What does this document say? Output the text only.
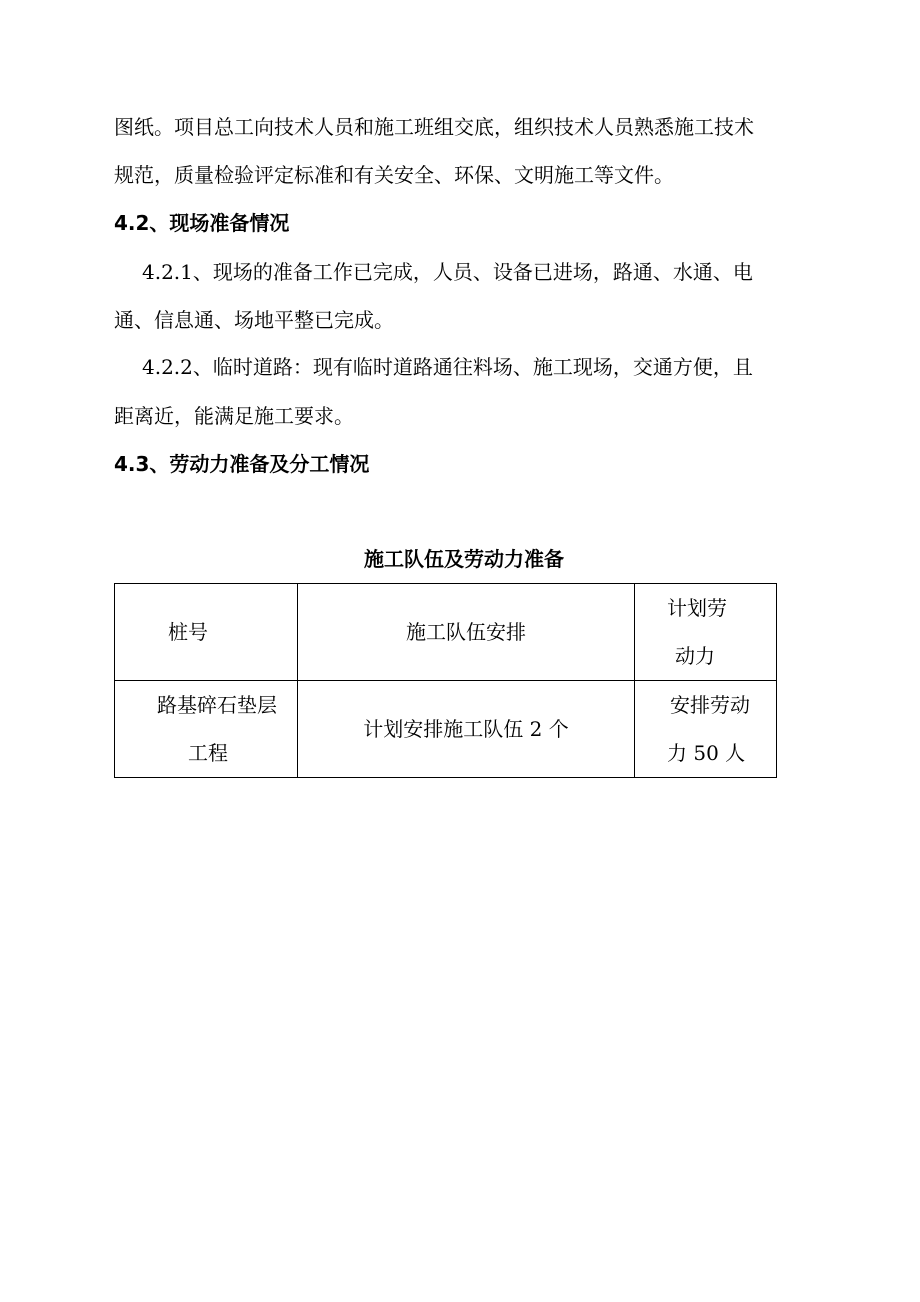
图纸。项目总工向技术人员和施工班组交底，组织技术人员熟悉施工技术

规范，质量检验评定标准和有关安全、环保、文明施工等文件。

4.2、现场准备情况

4.2.1、现场的准备工作已完成，人员、设备已进场，路通、水通、电

通、信息通、场地平整已完成。

4.2.2、临时道路：现有临时道路通往料场、施工现场，交通方便，且

距离近，能满足施工要求。

4.3、劳动力准备及分工情况
施工队伍及劳动力准备
桩号	施工队伍安排	计划劳
动力

路基碎石垫层
工程	计划安排施工队伍 2 个	安排劳动
力 50 人
